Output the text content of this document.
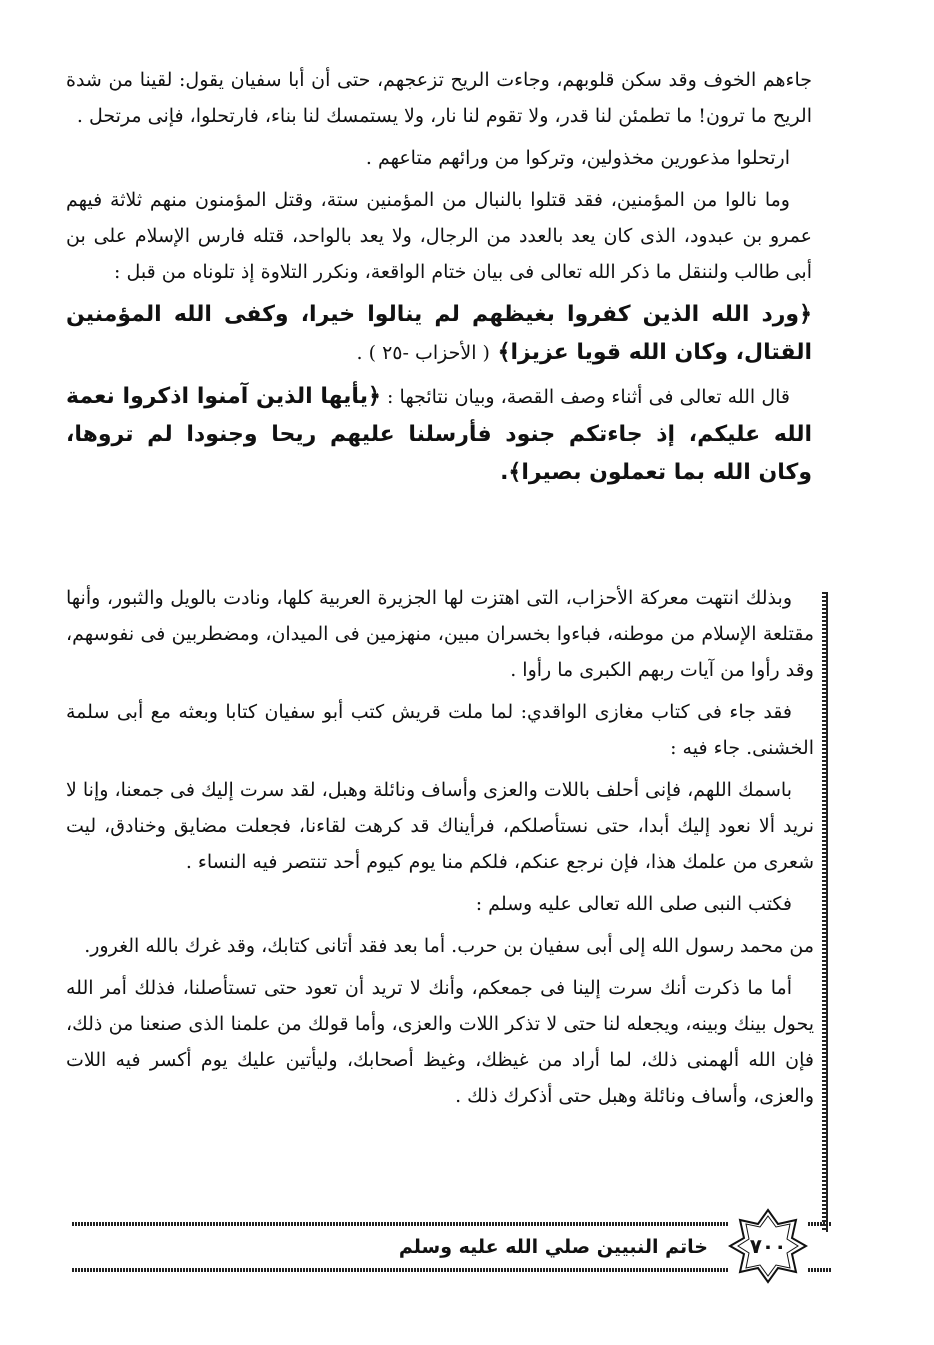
جاءهم الخوف وقد سكن قلوبهم، وجاءت الريح تزعجهم، حتى أن أبا سفيان يقول: لقينا من شدة الريح ما ترون! ما تطمئن لنا قدر، ولا تقوم لنا نار، ولا يستمسك لنا بناء، فارتحلوا، فإنى مرتحل .

ارتحلوا مذعورين مخذولين، وتركوا من ورائهم متاعهم .

وما نالوا من المؤمنين، فقد قتلوا بالنبال من المؤمنين ستة، وقتل المؤمنون منهم ثلاثة فيهم عمرو بن عبدود، الذى كان يعد بالعدد من الرجال، ولا يعد بالواحد، قتله فارس الإسلام على بن أبى طالب ولننقل ما ذكر الله تعالى فى بيان ختام الواقعة، ونكرر التلاوة إذ تلوناه من قبل :

﴿ورد الله الذين كفروا بغيظهم لم ينالوا خيرا، وكفى الله المؤمنين القتال، وكان الله قويا عزيزا﴾ ( الأحزاب -٢٥ ) .

قال الله تعالى فى أثناء وصف القصة، وبيان نتائجها : ﴿يأيها الذين آمنوا اذكروا نعمة الله عليكم، إذ جاءتكم جنود فأرسلنا عليهم ريحا وجنودا لم تروها، وكان الله بما تعملون بصيرا﴾.

وبذلك انتهت معركة الأحزاب، التى اهتزت لها الجزيرة العربية كلها، ونادت بالويل والثبور، وأنها مقتلعة الإسلام من موطنه، فباءوا بخسران مبين، منهزمين فى الميدان، ومضطربين فى نفوسهم، وقد رأوا من آيات ربهم الكبرى ما رأوا .

فقد جاء فى كتاب مغازى الواقدي: لما ملت قريش كتب أبو سفيان كتابا وبعثه مع أبى سلمة الخشنى. جاء فيه :

باسمك اللهم، فإنى أحلف باللات والعزى وأساف ونائلة وهبل، لقد سرت إليك فى جمعنا، وإنا لا نريد ألا نعود إليك أبدا، حتى نستأصلكم، فرأيناك قد كرهت لقاءنا، فجعلت مضايق وخنادق، ليت شعرى من علمك هذا، فإن نرجع عنكم، فلكم منا يوم كيوم أحد تنتصر فيه النساء .

فكتب النبى صلى الله تعالى عليه وسلم :

من محمد رسول الله إلى أبى سفيان بن حرب. أما بعد فقد أتانى كتابك، وقد غرك بالله الغرور.

أما ما ذكرت أنك سرت إلينا فى جمعكم، وأنك لا تريد أن تعود حتى تستأصلنا، فذلك أمر الله يحول بينك وبينه، ويجعله لنا حتى لا تذكر اللات والعزى، وأما قولك من علمنا الذى صنعنا من ذلك، فإن الله ألهمنى ذلك، لما أراد من غيظك، وغيظ أصحابك، وليأتين عليك يوم أكسر فيه اللات والعزى، وأساف ونائلة وهبل حتى أذكرك ذلك .

خاتم النبيين صلي الله عليه وسلم	٧٠٠
